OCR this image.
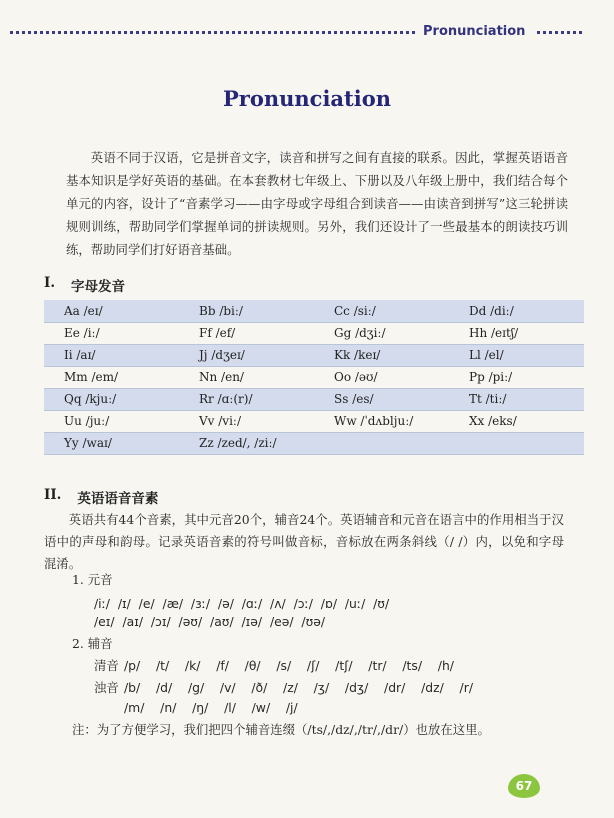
Pronunciation
Pronunciation
英语不同于汉语，它是拼音文字，读音和拼写之间有直接的联系。因此，掌握英语语音基本知识是学好英语的基础。在本套教材七年级上、下册以及八年级上册中，我们结合每个单元的内容，设计了“音素学习——由字母或字母组合到读音——由读音到拼写”这三轮拼读规则训练，帮助同学们掌握单词的拼读规则。另外，我们还设计了一些最基本的朗读技巧训练，帮助同学们打好语音基础。
I. 字母发音
Aa /eɪ/	Bb /biː/	Cc /siː/	Dd /diː/
Ee /iː/	Ff /ef/	Gg /dʒiː/	Hh /eɪtʃ/
Ii /aɪ/	Jj /dʒeɪ/	Kk /keɪ/	Ll /el/
Mm /em/	Nn /en/	Oo /əʊ/	Pp /piː/
Qq /kjuː/	Rr /ɑː(r)/	Ss /es/	Tt /tiː/
Uu /juː/	Vv /viː/	Ww /ˈdʌbljuː/	Xx /eks/
Yy /waɪ/	Zz /zed/, /ziː/		
II. 英语语音音素

英语共有44个音素，其中元音20个，辅音24个。英语辅音和元音在语言中的作用相当于汉语中的声母和韵母。记录英语音素的符号叫做音标，音标放在两条斜线（/ /）内，以免和字母混淆。

1. 元音
/iː/  /ɪ/  /e/  /æ/  /ɜː/  /ə/  /ɑː/  /ʌ/  /ɔː/  /ɒ/  /uː/  /ʊ/
/eɪ/  /aɪ/  /ɔɪ/  /əʊ/  /aʊ/  /ɪə/  /eə/  /ʊə/
2. 辅音
清音 /p/    /t/    /k/    /f/    /θ/    /s/    /ʃ/    /tʃ/    /tr/    /ts/    /h/
浊音 /b/    /d/    /g/    /v/    /ð/    /z/    /ʒ/    /dʒ/    /dr/    /dz/    /r/
/m/    /n/    /ŋ/    /l/    /w/    /j/
注：为了方便学习，我们把四个辅音连缀（/ts/,/dz/,/tr/,/dr/）也放在这里。
67
